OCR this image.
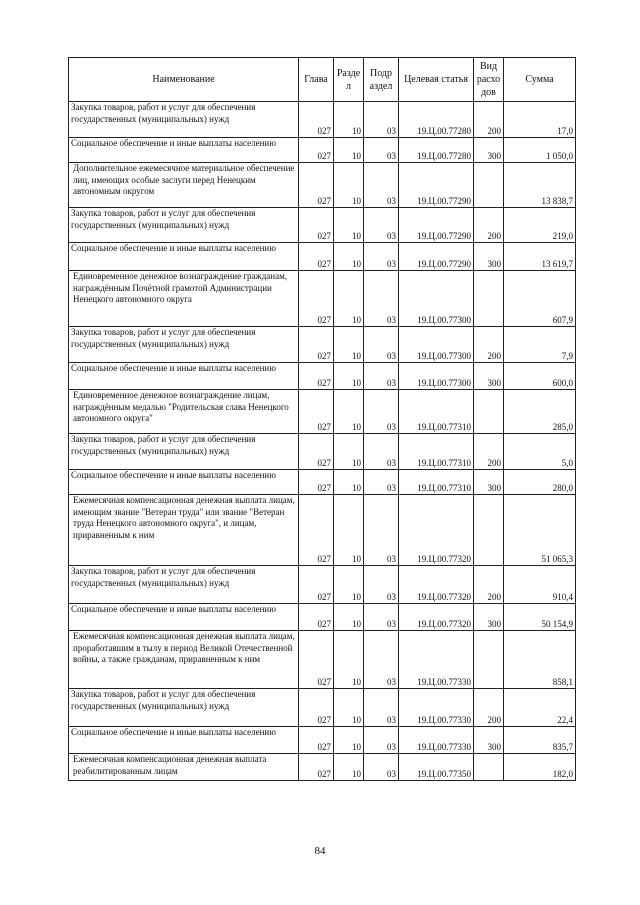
Наименование	Глава	Разде л	Подр аздел	Целевая статья	Вид расхо дов	Сумма
Закупка товаров, работ и услуг для обеспечения государственных (муниципальных) нужд	027	10	03	19.Ц.00.77280	200	17,0
Социальное обеспечение и иные выплаты населению	027	10	03	19.Ц.00.77280	300	1 050,0
Дополнительное ежемесячное материальное обеспечение лиц, имеющих особые заслуги перед Ненецким автономным округом	027	10	03	19.Ц.00.77290		13 838,7
Закупка товаров, работ и услуг для обеспечения государственных (муниципальных) нужд	027	10	03	19.Ц.00.77290	200	219,0
Социальное обеспечение и иные выплаты населению	027	10	03	19.Ц.00.77290	300	13 619,7
Единовременное денежное вознаграждение гражданам, награждённым Почётной грамотой Администрации Ненецкого автономного округа	027	10	03	19.Ц.00.77300		607,9
Закупка товаров, работ и услуг для обеспечения государственных (муниципальных) нужд	027	10	03	19.Ц.00.77300	200	7,9
Социальное обеспечение и иные выплаты населению	027	10	03	19.Ц.00.77300	300	600,0
Единовременное денежное вознаграждение лицам, награждённым медалью "Родительская слава Ненецкого автономного округа"	027	10	03	19.Ц.00.77310		285,0
Закупка товаров, работ и услуг для обеспечения государственных (муниципальных) нужд	027	10	03	19.Ц.00.77310	200	5,0
Социальное обеспечение и иные выплаты населению	027	10	03	19.Ц.00.77310	300	280,0
Ежемесячная компенсационная денежная выплата лицам, имеющим звание "Ветеран труда" или звание "Ветеран труда Ненецкого автономного округа", и лицам, приравненным к ним	027	10	03	19.Ц.00.77320		51 065,3
Закупка товаров, работ и услуг для обеспечения государственных (муниципальных) нужд	027	10	03	19.Ц.00.77320	200	910,4
Социальное обеспечение и иные выплаты населению	027	10	03	19.Ц.00.77320	300	50 154,9
Ежемесячная компенсационная денежная выплата лицам, проработавшим в тылу в период Великой Отечественной войны, а также гражданам, приравненным к ним	027	10	03	19.Ц.00.77330		858,1
Закупка товаров, работ и услуг для обеспечения государственных (муниципальных) нужд	027	10	03	19.Ц.00.77330	200	22,4
Социальное обеспечение и иные выплаты населению	027	10	03	19.Ц.00.77330	300	835,7
Ежемесячная компенсационная денежная выплата реабилитированным лицам	027	10	03	19.Ц.00.77350		182,0
84
